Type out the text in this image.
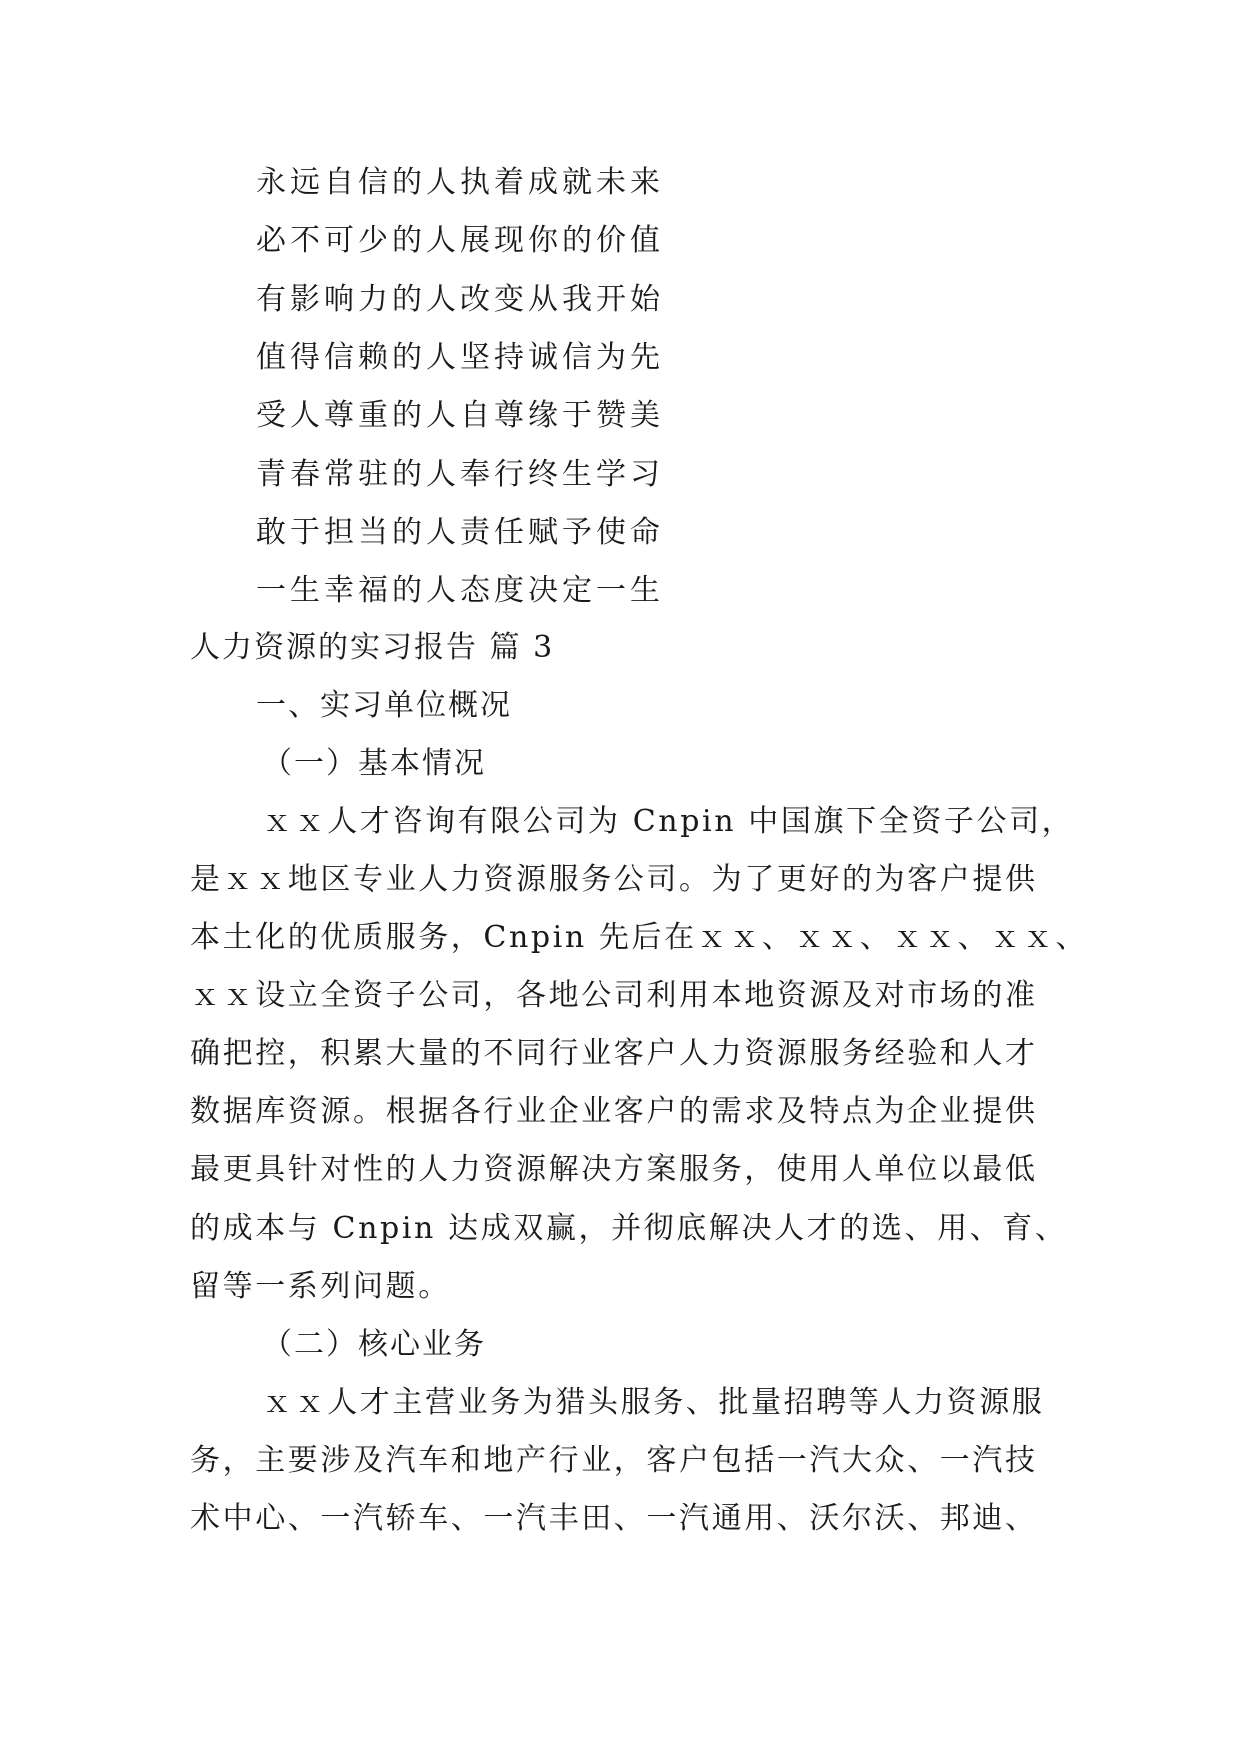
永远自信的人执着成就未来
必不可少的人展现你的价值
有影响力的人改变从我开始
值得信赖的人坚持诚信为先
受人尊重的人自尊缘于赞美
青春常驻的人奉行终生学习
敢于担当的人责任赋予使命
一生幸福的人态度决定一生
人力资源的实习报告 篇 3
一、实习单位概况
（一）基本情况
ｘｘ人才咨询有限公司为 Cnpin 中国旗下全资子公司，
是ｘｘ地区专业人力资源服务公司。为了更好的为客户提供
本土化的优质服务，Cnpin 先后在ｘｘ、ｘｘ、ｘｘ、ｘｘ、
ｘｘ设立全资子公司，各地公司利用本地资源及对市场的准
确把控，积累大量的不同行业客户人力资源服务经验和人才
数据库资源。根据各行业企业客户的需求及特点为企业提供
最更具针对性的人力资源解决方案服务，使用人单位以最低
的成本与 Cnpin 达成双赢，并彻底解决人才的选、用、育、
留等一系列问题。
（二）核心业务
ｘｘ人才主营业务为猎头服务、批量招聘等人力资源服
务，主要涉及汽车和地产行业，客户包括一汽大众、一汽技
术中心、一汽轿车、一汽丰田、一汽通用、沃尔沃、邦迪、
